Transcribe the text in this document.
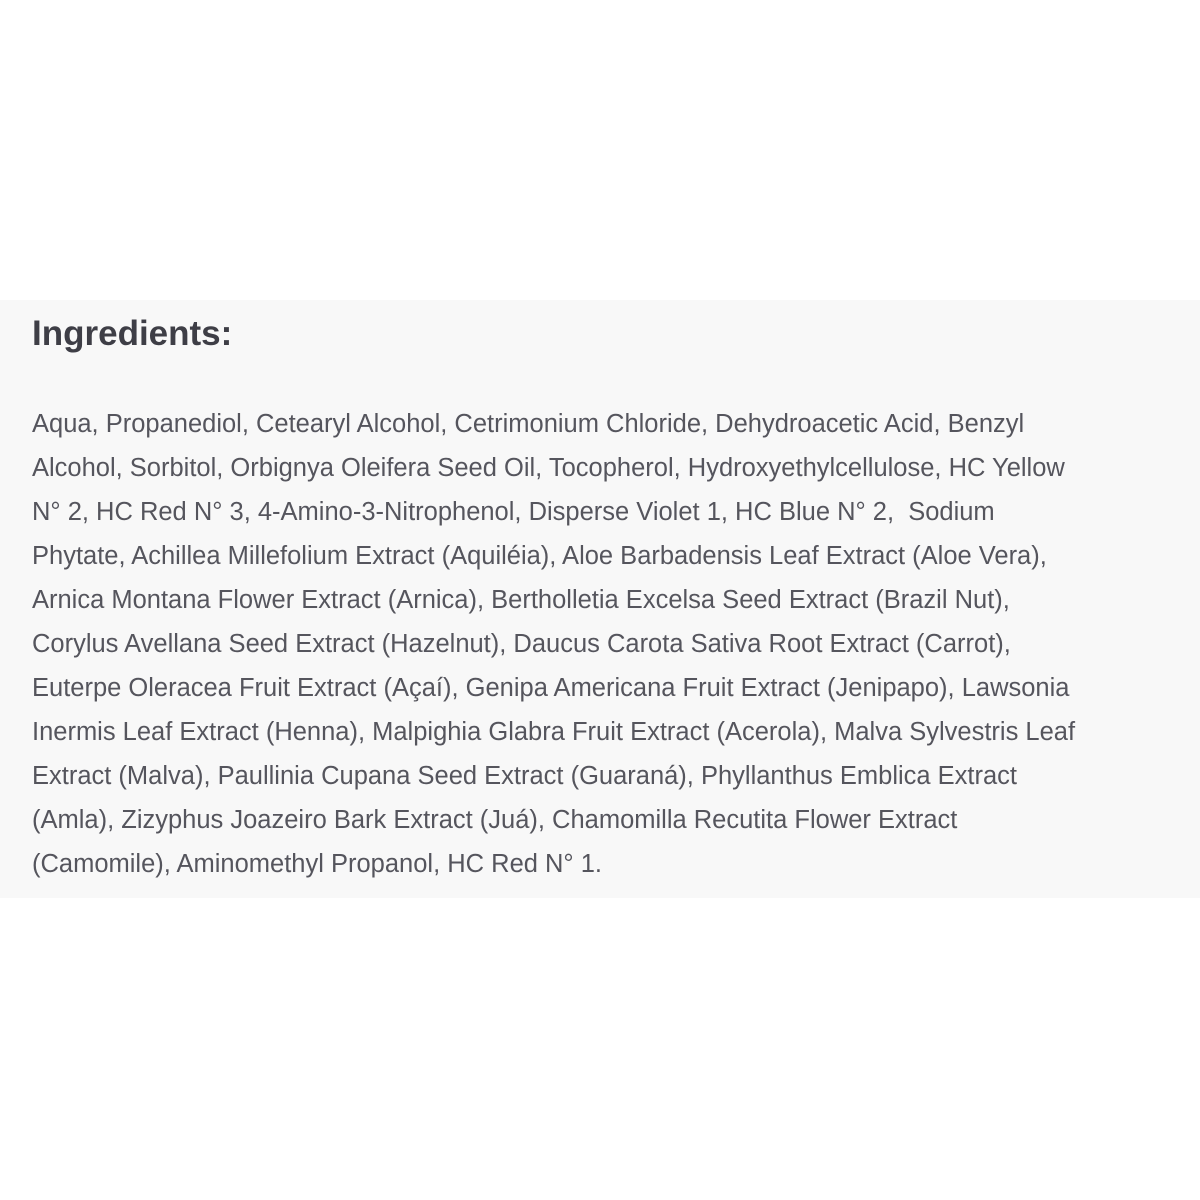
Ingredients:
Aqua, Propanediol, Cetearyl Alcohol, Cetrimonium Chloride, Dehydroacetic Acid, Benzyl
Alcohol, Sorbitol, Orbignya Oleifera Seed Oil, Tocopherol, Hydroxyethylcellulose, HC Yellow
N° 2, HC Red N° 3, 4-Amino-3-Nitrophenol, Disperse Violet 1, HC Blue N° 2,  Sodium
Phytate, Achillea Millefolium Extract (Aquiléia), Aloe Barbadensis Leaf Extract (Aloe Vera),
Arnica Montana Flower Extract (Arnica), Bertholletia Excelsa Seed Extract (Brazil Nut),
Corylus Avellana Seed Extract (Hazelnut), Daucus Carota Sativa Root Extract (Carrot),
Euterpe Oleracea Fruit Extract (Açaí), Genipa Americana Fruit Extract (Jenipapo), Lawsonia
Inermis Leaf Extract (Henna), Malpighia Glabra Fruit Extract (Acerola), Malva Sylvestris Leaf
Extract (Malva), Paullinia Cupana Seed Extract (Guaraná), Phyllanthus Emblica Extract
(Amla), Zizyphus Joazeiro Bark Extract (Juá), Chamomilla Recutita Flower Extract
(Camomile), Aminomethyl Propanol, HC Red N° 1.
